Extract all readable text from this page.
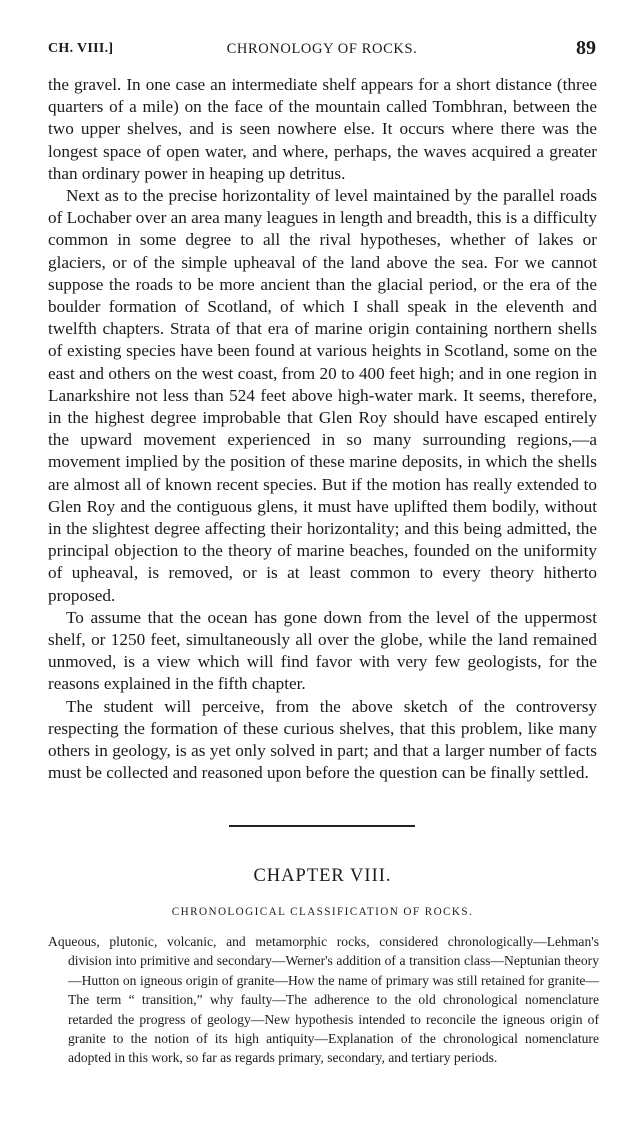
CH. VIII.]	CHRONOLOGY OF ROCKS.	89

the gravel. In one case an intermediate shelf appears for a short distance (three quarters of a mile) on the face of the mountain called Tombhran, between the two upper shelves, and is seen nowhere else. It occurs where there was the longest space of open water, and where, perhaps, the waves acquired a greater than ordinary power in heaping up detritus.

Next as to the precise horizontality of level maintained by the parallel roads of Lochaber over an area many leagues in length and breadth, this is a difficulty common in some degree to all the rival hypotheses, whether of lakes or glaciers, or of the simple upheaval of the land above the sea. For we cannot suppose the roads to be more ancient than the glacial period, or the era of the boulder formation of Scotland, of which I shall speak in the eleventh and twelfth chapters. Strata of that era of marine origin containing northern shells of existing species have been found at various heights in Scotland, some on the east and others on the west coast, from 20 to 400 feet high; and in one region in Lanarkshire not less than 524 feet above high-water mark. It seems, therefore, in the highest degree improbable that Glen Roy should have escaped entirely the upward movement experienced in so many surrounding regions,—a movement implied by the position of these marine deposits, in which the shells are almost all of known recent species. But if the motion has really extended to Glen Roy and the contiguous glens, it must have uplifted them bodily, without in the slightest degree affecting their horizontality; and this being admitted, the principal objection to the theory of marine beaches, founded on the uniformity of upheaval, is removed, or is at least common to every theory hitherto proposed.

To assume that the ocean has gone down from the level of the uppermost shelf, or 1250 feet, simultaneously all over the globe, while the land remained unmoved, is a view which will find favor with very few geologists, for the reasons explained in the fifth chapter.

The student will perceive, from the above sketch of the controversy respecting the formation of these curious shelves, that this problem, like many others in geology, is as yet only solved in part; and that a larger number of facts must be collected and reasoned upon before the question can be finally settled.

CHAPTER VIII.
CHRONOLOGICAL CLASSIFICATION OF ROCKS.
Aqueous, plutonic, volcanic, and metamorphic rocks, considered chronologically—Lehman's division into primitive and secondary—Werner's addition of a transition class—Neptunian theory—Hutton on igneous origin of granite—How the name of primary was still retained for granite—The term “ transition,” why faulty—The adherence to the old chronological nomenclature retarded the progress of geology—New hypothesis intended to reconcile the igneous origin of granite to the notion of its high antiquity—Explanation of the chronological nomenclature adopted in this work, so far as regards primary, secondary, and tertiary periods.
